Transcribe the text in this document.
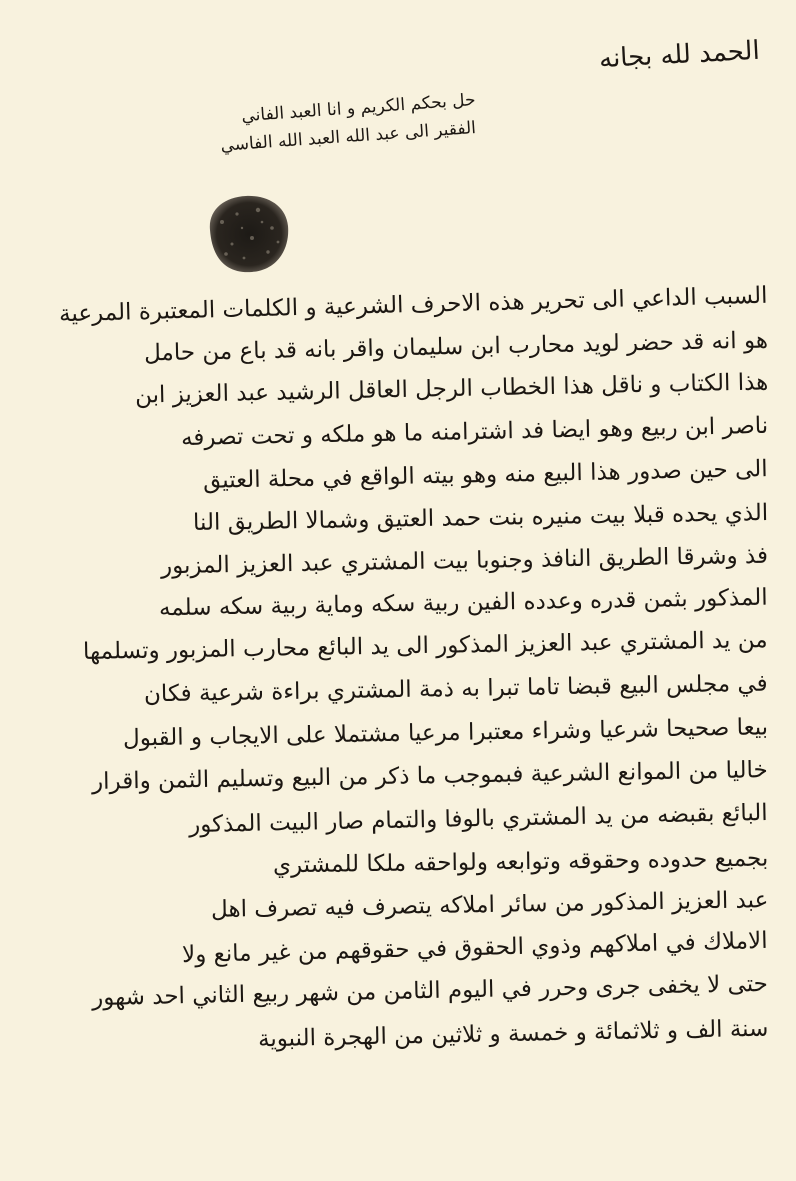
الحمد لله بجانه
حل بحكم الكريم و انا العبد الفاني
الفقير الى عبد الله العبد الله الفاسي
السبب الداعي الى تحرير هذه الاحرف الشرعية و الكلمات المعتبرة المرعية
هو انه قد حضر لويد محارب ابن سليمان واقر بانه قد باع من حامل
هذا الكتاب و ناقل هذا الخطاب الرجل العاقل الرشيد عبد العزيز ابن
ناصر ابن ربيع وهو ايضا فد اشترامنه ما هو ملكه و تحت تصرفه
الى حين صدور هذا البيع منه وهو بيته الواقع في محلة العتيق
الذي يحده قبلا بيت منيره بنت حمد العتيق وشمالا الطريق النا
فذ وشرقا الطريق النافذ وجنوبا بيت المشتري عبد العزيز المزبور
المذكور بثمن قدره وعدده الفين ربية سكه وماية ربية سكه سلمه
من يد المشتري عبد العزيز المذكور الى يد البائع محارب المزبور وتسلمها
في مجلس البيع قبضا تاما تبرا به ذمة المشتري براءة شرعية فكان
بيعا صحيحا شرعيا وشراء معتبرا مرعيا مشتملا على الايجاب و القبول
خاليا من الموانع الشرعية فبموجب ما ذكر من البيع وتسليم الثمن واقرار
البائع بقبضه من يد المشتري بالوفا والتمام صار البيت المذكور
بجميع حدوده وحقوقه وتوابعه ولواحقه ملكا للمشتري
عبد العزيز المذكور من سائر املاكه يتصرف فيه تصرف اهل
الاملاك في املاكهم وذوي الحقوق في حقوقهم من غير مانع ولا
حتى لا يخفى جرى وحرر في اليوم الثامن من شهر ربيع الثاني احد شهور
سنة الف و ثلاثمائة و خمسة و ثلاثين من الهجرة النبوية
